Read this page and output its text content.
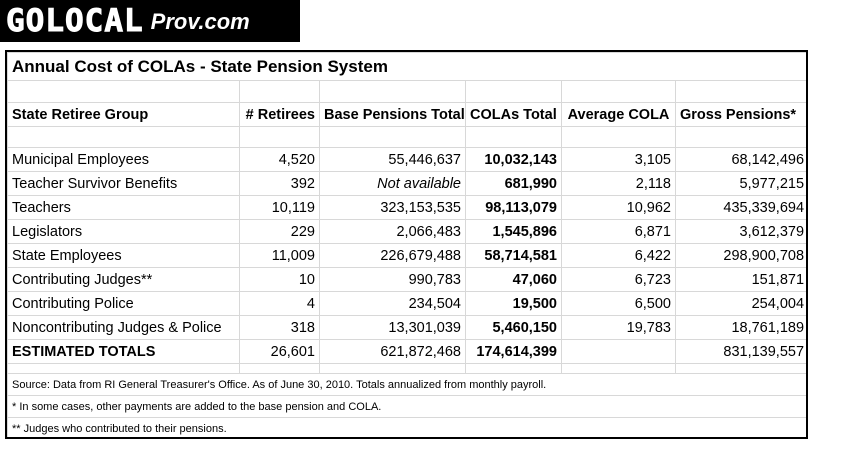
GOLOCAL Prov.com
Annual Cost of COLAs - State Pension System					

State Retiree Group	# Retirees	Base Pensions Total	COLAs Total	Average COLA	Gross Pensions*

Municipal Employees	4,520	55,446,637	10,032,143	3,105	68,142,496
Teacher Survivor Benefits	392	Not available	681,990	2,118	5,977,215
Teachers	10,119	323,153,535	98,113,079	10,962	435,339,694
Legislators	229	2,066,483	1,545,896	6,871	3,612,379
State Employees	11,009	226,679,488	58,714,581	6,422	298,900,708
Contributing Judges**	10	990,783	47,060	6,723	151,871
Contributing Police	4	234,504	19,500	6,500	254,004
Noncontributing Judges & Police	318	13,301,039	5,460,150	19,783	18,761,189
ESTIMATED TOTALS	26,601	621,872,468	174,614,399		831,139,557

Source: Data from RI General Treasurer's Office. As of June 30, 2010. Totals annualized from monthly payroll.					
* In some cases, other payments are added to the base pension and COLA.					
** Judges who contributed to their pensions.					
